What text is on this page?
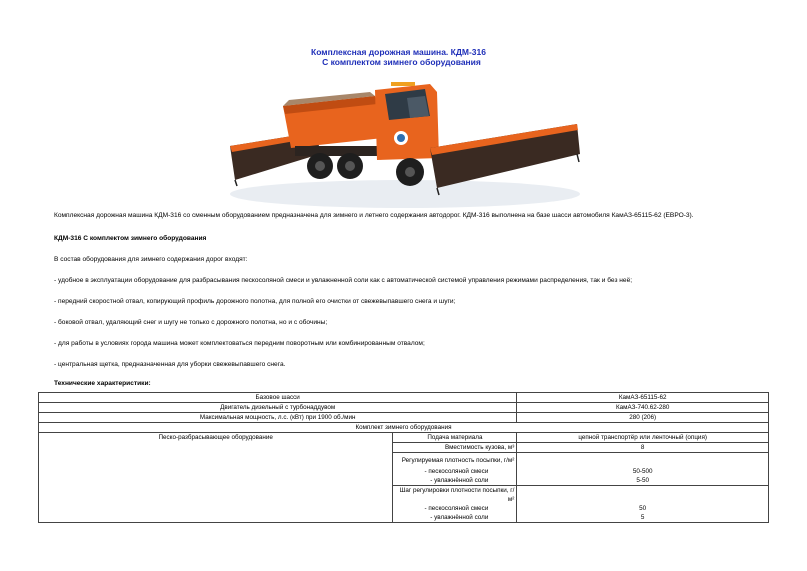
Комплексная дорожная машина. КДМ-316
С комплектом зимнего оборудования
Комплексная дорожная машина КДМ-316 со сменным оборудованием предназначена для зимнего и летнего содержания автодорог. КДМ-316 выполнена на базе шасси автомобиля КамАЗ-65115-62 (ЕВРО-3).
КДМ-316 С комплектом зимнего оборудования
В состав оборудования для зимнего содержания дорог входят:
- удобное в эксплуатации оборудование для разбрасывания пескосоляной смеси и увлажненной соли как с автоматической системой управления режимами распределения, так и без неё;
- передний скоростной отвал, копирующий профиль дорожного полотна, для полной его очистки от свежевыпавшего снега и шуги;
- боковой отвал, удаляющий снег и шугу не только с дорожного полотна, но и с обочины;
- для работы в условиях города машина может комплектоваться передним поворотным или комбинированным отвалом;
- центральная щетка, предназначенная для уборки свежевыпавшего снега.
Технические характеристики:
Базовое шасси		КамАЗ-65115-62
Двигатель дизельный с турбонаддувом		КамАЗ-740.62-280
Максимальная мощность, л.с. (кВт) при 1900 об./мин		280 (206)
Комплект зимнего оборудования		
Песко-разбрасывающее оборудование	Подача материала	цепной транспортёр или ленточный (опция)
	Вместимость кузова, м³	8
	Регулируемая плотность посыпки, г/м²	
	- пескосоляной смеси	50-500
	- увлажнённой соли	5-50
	Шаг регулировки плотности посыпки, г/м²	
	- пескосоляной смеси	50
	- увлажнённой соли	5
